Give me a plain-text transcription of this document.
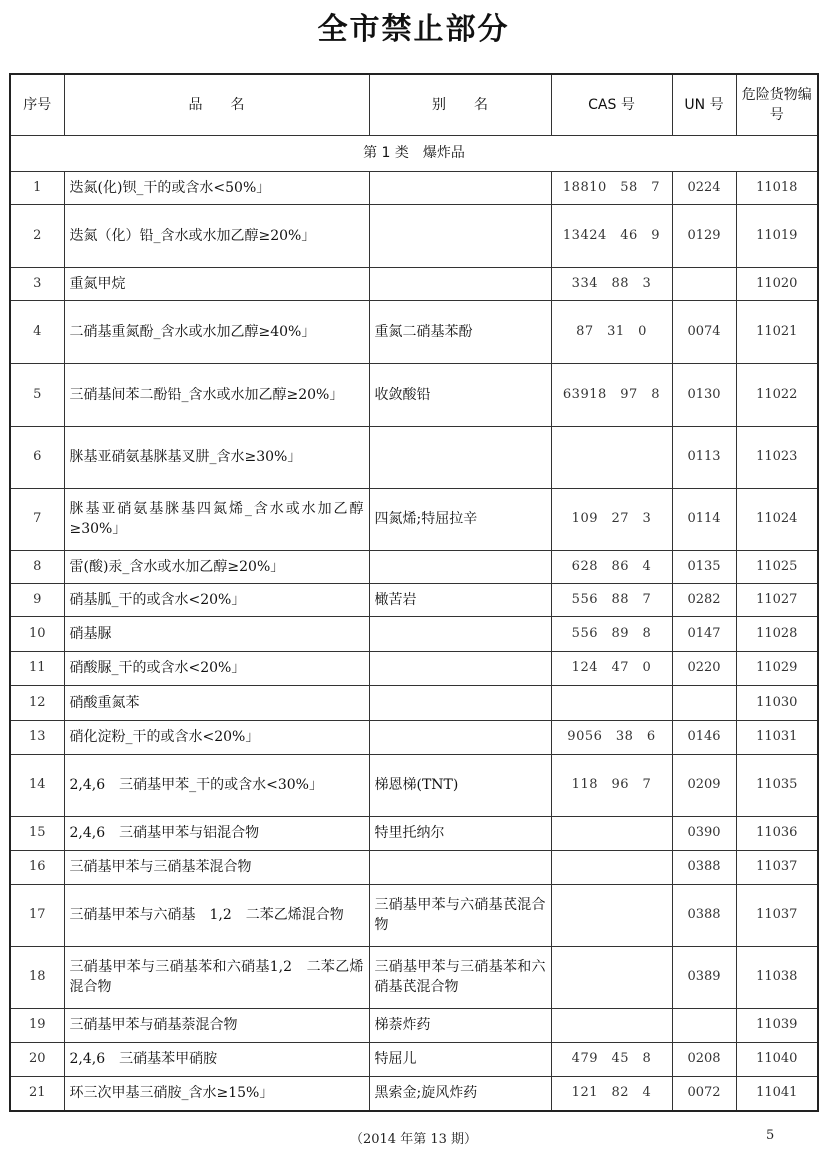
全市禁止部分
序号	品　　名	别　　名	CAS 号	UN 号	危险货物编号
第 1 类　爆炸品					
1	迭氮(化)钡_干的或含水<50%」		18810　58　7	0224	11018
2	迭氮（化）铅_含水或水加乙醇≥20%」		13424　46　9	0129	11019
3	重氮甲烷		334　88　3		11020
4	二硝基重氮酚_含水或水加乙醇≥40%」	重氮二硝基苯酚	87　31　0	0074	11021
5	三硝基间苯二酚铅_含水或水加乙醇≥20%」	收敛酸铅	63918　97　8	0130	11022
6	脒基亚硝氨基脒基叉肼_含水≥30%」			0113	11023
7	脒基亚硝氨基脒基四氮烯_含水或水加乙醇≥30%」	四氮烯;特屈拉辛	109　27　3	0114	11024
8	雷(酸)汞_含水或水加乙醇≥20%」		628　86　4	0135	11025
9	硝基胍_干的或含水<20%」	橄苦岩	556　88　7	0282	11027
10	硝基脲		556　89　8	0147	11028
11	硝酸脲_干的或含水<20%」		124　47　0	0220	11029
12	硝酸重氮苯				11030
13	硝化淀粉_干的或含水<20%」		9056　38　6	0146	11031
14	2,4,6　三硝基甲苯_干的或含水<30%」	梯恩梯(TNT)	118　96　7	0209	11035
15	2,4,6　三硝基甲苯与铝混合物	特里托纳尔		0390	11036
16	三硝基甲苯与三硝基苯混合物			0388	11037
17	三硝基甲苯与六硝基　1,2　二苯乙烯混合物	三硝基甲苯与六硝基芪混合物		0388	11037
18	三硝基甲苯与三硝基苯和六硝基1,2　二苯乙烯混合物	三硝基甲苯与三硝基苯和六硝基芪混合物		0389	11038
19	三硝基甲苯与硝基萘混合物	梯萘炸药			11039
20	2,4,6　三硝基苯甲硝胺	特屈儿	479　45　8	0208	11040
21	环三次甲基三硝胺_含水≥15%」	黑索金;旋风炸药	121　82　4	0072	11041
（2014 年第 13 期）	5
